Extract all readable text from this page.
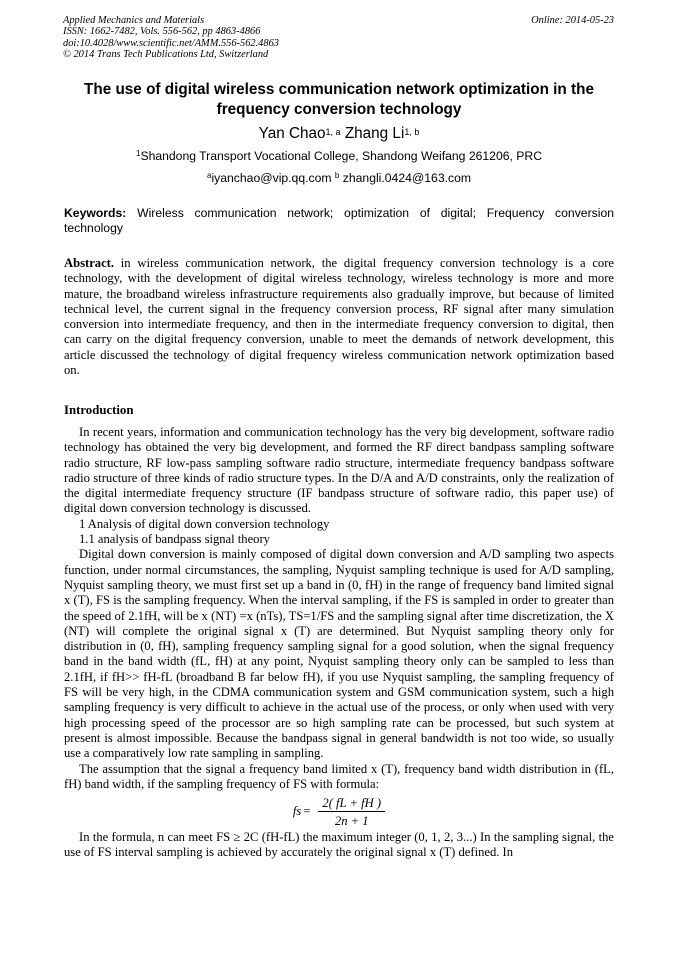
Applied Mechanics and Materials
ISSN: 1662-7482, Vols. 556-562, pp 4863-4866
doi:10.4028/www.scientific.net/AMM.556-562.4863
© 2014 Trans Tech Publications Ltd, Switzerland
Online: 2014-05-23
The use of digital wireless communication network optimization in the frequency conversion technology
Yan Chao$^{1, a}$ Zhang Li$^{1, b}$
$^1$Shandong Transport Vocational College, Shandong Weifang 261206, PRC
$^a$iyanchao@vip.qq.com $^b$ zhangli.0424@163.com
Keywords: Wireless communication network; optimization of digital; Frequency conversion technology
Abstract. in wireless communication network, the digital frequency conversion technology is a core technology, with the development of digital wireless technology, wireless technology is more and more mature, the broadband wireless infrastructure requirements also gradually improve, but because of limited technical level, the current signal in the frequency conversion process, RF signal after many simulation conversion into intermediate frequency, and then in the intermediate frequency conversion to digital, then can carry on the digital frequency conversion, unable to meet the demands of network development, this article discussed the technology of digital frequency wireless communication network optimization based on.
Introduction

In recent years, information and communication technology has the very big development, software radio technology has obtained the very big development, and formed the RF direct bandpass sampling software radio structure, RF low-pass sampling software radio structure, intermediate frequency bandpass software radio structure of three kinds of radio structure types. In the D/A and A/D constraints, only the realization of the digital intermediate frequency structure (IF bandpass structure of software radio, this paper use) of digital down conversion technology is discussed.

1 Analysis of digital down conversion technology

1.1 analysis of bandpass signal theory

Digital down conversion is mainly composed of digital down conversion and A/D sampling two aspects function, under normal circumstances, the sampling, Nyquist sampling technique is used for A/D sampling, Nyquist sampling theory, we must first set up a band in (0, fH) in the range of frequency band limited signal x (T), FS is the sampling frequency. When the interval sampling, if the FS is sampled in order to greater than the speed of 2.1fH, will be x (NT) =x (nTs), TS=1/FS and the sampling signal after time discretization, the X (NT) will complete the original signal x (T) are determined. But Nyquist sampling theory only for distribution in (0, fH), sampling frequency sampling signal for a good solution, when the signal frequency band in the band width (fL, fH) at any point, Nyquist sampling theory only can be sampled to less than 2.1fH, if fH>> fH-fL (broadband B far below fH), if you use Nyquist sampling, the sampling frequency of FS will be very high, in the CDMA communication system and GSM communication system, such a high sampling frequency is very difficult to achieve in the actual use of the process, or only when used with very high processing speed of the processor are so high sampling rate can be processed, but such system at present is almost impossible. Because the bandpass signal in general bandwidth is not too wide, so usually use a comparatively low rate sampling in sampling.

The assumption that the signal a frequency band limited x (T), frequency band width distribution in (fL, fH) band width, if the sampling frequency of FS with formula:

fs = $\frac{2( fL + fH )}{2n + 1}$

In the formula, n can meet FS ≥ 2C (fH-fL) the maximum integer (0, 1, 2, 3...) In the sampling signal, the use of FS interval sampling is achieved by accurately the original signal x (T) defined. In
